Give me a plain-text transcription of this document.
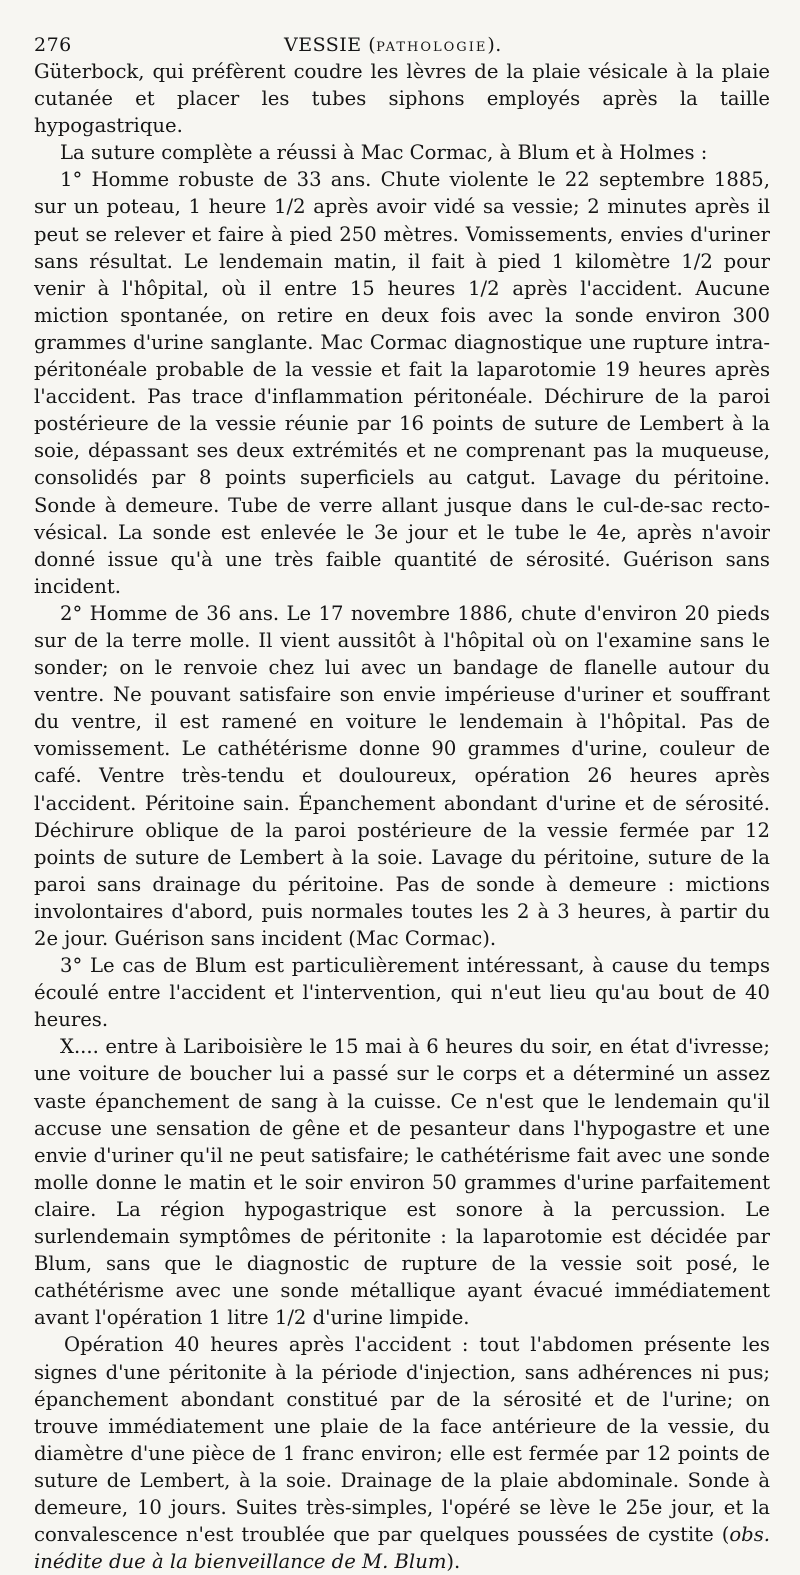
276	VESSIE (PATHOLOGIE).

Güterbock, qui préfèrent coudre les lèvres de la plaie vésicale à la plaie cutanée et placer les tubes siphons employés après la taille hypogastrique.

La suture complète a réussi à Mac Cormac, à Blum et à Holmes :

1° Homme robuste de 33 ans. Chute violente le 22 septembre 1885, sur un poteau, 1 heure 1/2 après avoir vidé sa vessie; 2 minutes après il peut se relever et faire à pied 250 mètres. Vomissements, envies d'uriner sans résultat. Le lendemain matin, il fait à pied 1 kilomètre 1/2 pour venir à l'hôpital, où il entre 15 heures 1/2 après l'accident. Aucune miction spontanée, on retire en deux fois avec la sonde environ 300 grammes d'urine sanglante. Mac Cormac diagnostique une rupture intra-péritonéale probable de la vessie et fait la laparotomie 19 heures après l'accident. Pas trace d'inflammation péritonéale. Déchirure de la paroi postérieure de la vessie réunie par 16 points de suture de Lembert à la soie, dépassant ses deux extrémités et ne comprenant pas la muqueuse, consolidés par 8 points superficiels au catgut. Lavage du péritoine. Sonde à demeure. Tube de verre allant jusque dans le cul-de-sac recto-vésical. La sonde est enlevée le 3e jour et le tube le 4e, après n'avoir donné issue qu'à une très faible quantité de sérosité. Guérison sans incident.

2° Homme de 36 ans. Le 17 novembre 1886, chute d'environ 20 pieds sur de la terre molle. Il vient aussitôt à l'hôpital où on l'examine sans le sonder; on le renvoie chez lui avec un bandage de flanelle autour du ventre. Ne pouvant satisfaire son envie impérieuse d'uriner et souffrant du ventre, il est ramené en voiture le lendemain à l'hôpital. Pas de vomissement. Le cathétérisme donne 90 grammes d'urine, couleur de café. Ventre très-tendu et douloureux, opération 26 heures après l'accident. Péritoine sain. Épanchement abondant d'urine et de sérosité. Déchirure oblique de la paroi postérieure de la vessie fermée par 12 points de suture de Lembert à la soie. Lavage du péritoine, suture de la paroi sans drainage du péritoine. Pas de sonde à demeure : mictions involontaires d'abord, puis normales toutes les 2 à 3 heures, à partir du 2e jour. Guérison sans incident (Mac Cormac).

3° Le cas de Blum est particulièrement intéressant, à cause du temps écoulé entre l'accident et l'intervention, qui n'eut lieu qu'au bout de 40 heures.

X.... entre à Lariboisière le 15 mai à 6 heures du soir, en état d'ivresse; une voiture de boucher lui a passé sur le corps et a déterminé un assez vaste épanchement de sang à la cuisse. Ce n'est que le lendemain qu'il accuse une sensation de gêne et de pesanteur dans l'hypogastre et une envie d'uriner qu'il ne peut satisfaire; le cathétérisme fait avec une sonde molle donne le matin et le soir environ 50 grammes d'urine parfaitement claire. La région hypogastrique est sonore à la percussion. Le surlendemain symptômes de péritonite : la laparotomie est décidée par Blum, sans que le diagnostic de rupture de la vessie soit posé, le cathétérisme avec une sonde métallique ayant évacué immédiatement avant l'opération 1 litre 1/2 d'urine limpide.

Opération 40 heures après l'accident : tout l'abdomen présente les signes d'une péritonite à la période d'injection, sans adhérences ni pus; épanchement abondant constitué par de la sérosité et de l'urine; on trouve immédiatement une plaie de la face antérieure de la vessie, du diamètre d'une pièce de 1 franc environ; elle est fermée par 12 points de suture de Lembert, à la soie. Drainage de la plaie abdominale. Sonde à demeure, 10 jours. Suites très-simples, l'opéré se lève le 25e jour, et la convalescence n'est troublée que par quelques poussées de cystite (obs. inédite due à la bienveillance de M. Blum).
